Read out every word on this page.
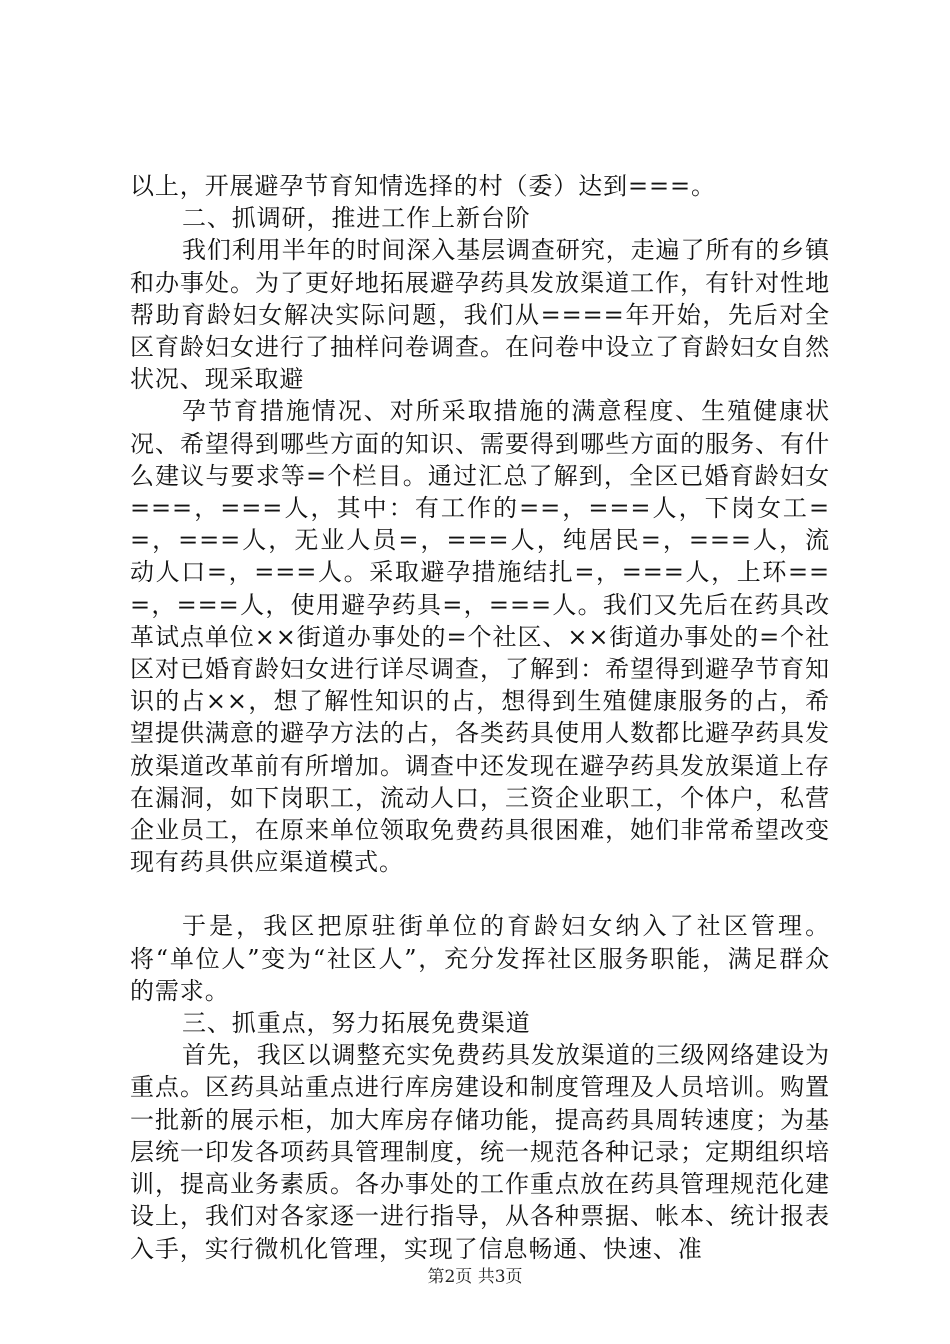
以上，开展避孕节育知情选择的村（委）达到===。

二、抓调研，推进工作上新台阶

我们利用半年的时间深入基层调查研究，走遍了所有的乡镇和办事处。为了更好地拓展避孕药具发放渠道工作，有针对性地帮助育龄妇女解决实际问题，我们从====年开始，先后对全区育龄妇女进行了抽样问卷调查。在问卷中设立了育龄妇女自然状况、现采取避

孕节育措施情况、对所采取措施的满意程度、生殖健康状况、希望得到哪些方面的知识、需要得到哪些方面的服务、有什么建议与要求等=个栏目。通过汇总了解到，全区已婚育龄妇女===，===人，其中：有工作的==，===人，下岗女工==，===人，无业人员=，===人，纯居民=，===人，流动人口=，===人。采取避孕措施结扎=，===人，上环===，===人，使用避孕药具=，===人。我们又先后在药具改革试点单位××街道办事处的=个社区、××街道办事处的=个社区对已婚育龄妇女进行详尽调查，了解到：希望得到避孕节育知识的占××，想了解性知识的占，想得到生殖健康服务的占，希望提供满意的避孕方法的占，各类药具使用人数都比避孕药具发放渠道改革前有所增加。调查中还发现在避孕药具发放渠道上存在漏洞，如下岗职工，流动人口，三资企业职工，个体户，私营企业员工，在原来单位领取免费药具很困难，她们非常希望改变现有药具供应渠道模式。

于是，我区把原驻街单位的育龄妇女纳入了社区管理。将“单位人”变为“社区人”，充分发挥社区服务职能，满足群众的需求。

三、抓重点，努力拓展免费渠道

首先，我区以调整充实免费药具发放渠道的三级网络建设为重点。区药具站重点进行库房建设和制度管理及人员培训。购置一批新的展示柜，加大库房存储功能，提高药具周转速度；为基层统一印发各项药具管理制度，统一规范各种记录；定期组织培训，提高业务素质。各办事处的工作重点放在药具管理规范化建设上，我们对各家逐一进行指导，从各种票据、帐本、统计报表入手，实行微机化管理，实现了信息畅通、快速、准

第2页 共3页
